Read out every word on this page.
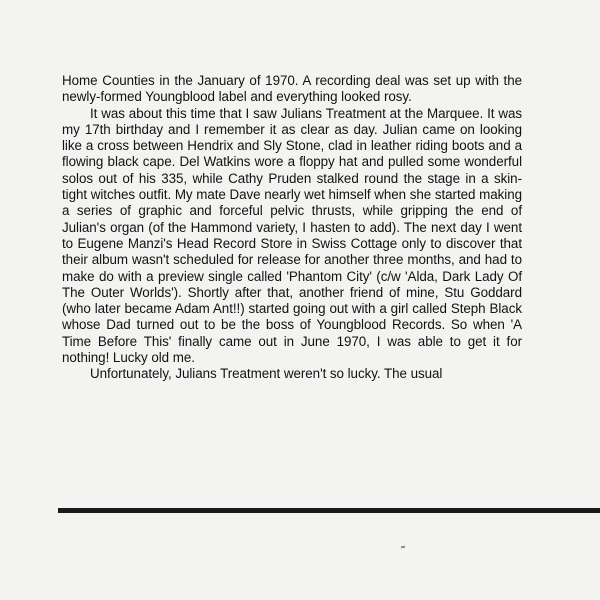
Home Counties in the January of 1970. A recording deal was set up with the newly-formed Youngblood label and everything looked rosy.

It was about this time that I saw Julians Treatment at the Marquee. It was my 17th birthday and I remember it as clear as day. Julian came on looking like a cross between Hendrix and Sly Stone, clad in leather riding boots and a flowing black cape. Del Watkins wore a floppy hat and pulled some wonderful solos out of his 335, while Cathy Pruden stalked round the stage in a skin-tight witches outfit. My mate Dave nearly wet himself when she started making a series of graphic and forceful pelvic thrusts, while gripping the end of Julian's organ (of the Hammond variety, I hasten to add). The next day I went to Eugene Manzi's Head Record Store in Swiss Cottage only to discover that their album wasn't scheduled for release for another three months, and had to make do with a preview single called 'Phantom City' (c/w 'Alda, Dark Lady Of The Outer Worlds'). Shortly after that, another friend of mine, Stu Goddard (who later became Adam Ant!!) started going out with a girl called Steph Black whose Dad turned out to be the boss of Youngblood Records. So when 'A Time Before This' finally came out in June 1970, I was able to get it for nothing! Lucky old me.

Unfortunately, Julians Treatment weren't so lucky. The usual
